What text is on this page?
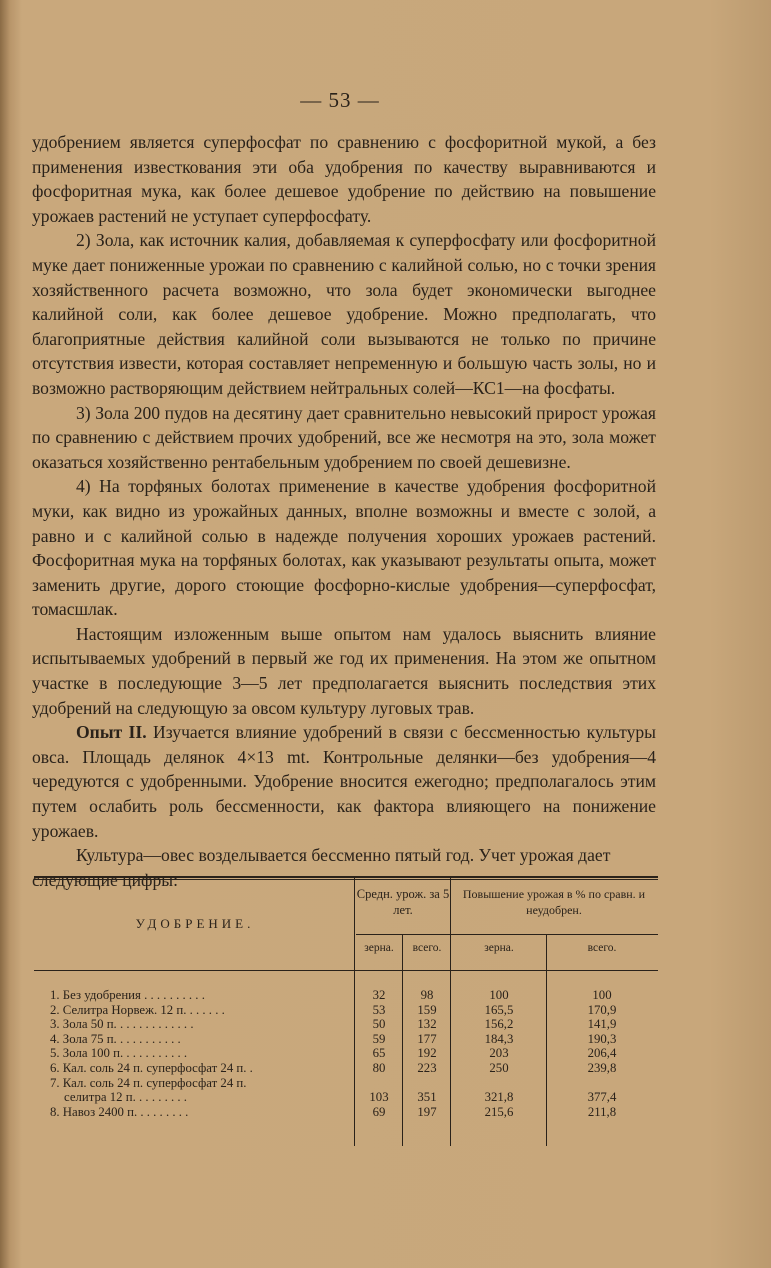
— 53 —

удобрением является суперфосфат по сравнению с фосфоритной мукой, а без применения известкования эти оба удобрения по качеству выравниваются и фосфоритная мука, как более дешевое удобрение по действию на повышение урожаев растений не уступает суперфосфату.

2) Зола, как источник калия, добавляемая к суперфосфату или фосфоритной муке дает пониженные урожаи по сравнению с калийной солью, но с точки зрения хозяйственного расчета возможно, что зола будет экономически выгоднее калийной соли, как более дешевое удобрение. Можно предполагать, что благоприятные действия калийной соли вызываются не только по причине отсутствия извести, которая составляет непременную и большую часть золы, но и возможно растворяющим действием нейтральных солей—КС1—на фосфаты.

3) Зола 200 пудов на десятину дает сравнительно невысокий прирост урожая по сравнению с действием прочих удобрений, все же несмотря на это, зола может оказаться хозяйственно рентабельным удобрением по своей дешевизне.

4) На торфяных болотах применение в качестве удобрения фосфоритной муки, как видно из урожайных данных, вполне возможны и вместе с золой, а равно и с калийной солью в надежде получения хороших урожаев растений. Фосфоритная мука на торфяных болотах, как указывают результаты опыта, может заменить другие, дорого стоющие фосфорно-кислые удобрения—суперфосфат, томасшлак.

Настоящим изложенным выше опытом нам удалось выяснить влияние испытываемых удобрений в первый же год их применения. На этом же опытном участке в последующие 3—5 лет предполагается выяснить последствия этих удобрений на следующую за овсом культуру луговых трав.

Опыт II. Изучается влияние удобрений в связи с бессменностью культуры овса. Площадь делянок 4×13 mt. Контрольные делянки—без удобрения—4 чередуются с удобренными. Удобрение вносится ежегодно; предполагалось этим путем ослабить роль бессменности, как фактора влияющего на понижение урожаев.

Культура—овес возделывается бессменно пятый год. Учет урожая дает следующие цифры:

УДОБРЕНИЕ.
Средн. урож. за 5 лет.
Повышение урожая в % по сравн. и неудобрен.
зерна.	всего.	зерна.	всего.
1. Без удобрения . . . . . . . . . .	32	98	100	100
2. Селитра Норвеж. 12 п. . . . . . .	53	159	165,5	170,9
3. Зола 50 п. . . . . . . . . . . . .	50	132	156,2	141,9
4. Зола 75 п. . . . . . . . . . .	59	177	184,3	190,3
5. Зола 100 п. . . . . . . . . . .	65	192	203	206,4
6. Кал. соль 24 п. суперфосфат 24 п. .	80	223	250	239,8
7. Кал. соль 24 п. суперфосфат 24 п.
селитра 12 п. . . . . . . . .	103	351	321,8	377,4
8. Навоз 2400 п. . . . . . . . .	69	197	215,6	211,8
